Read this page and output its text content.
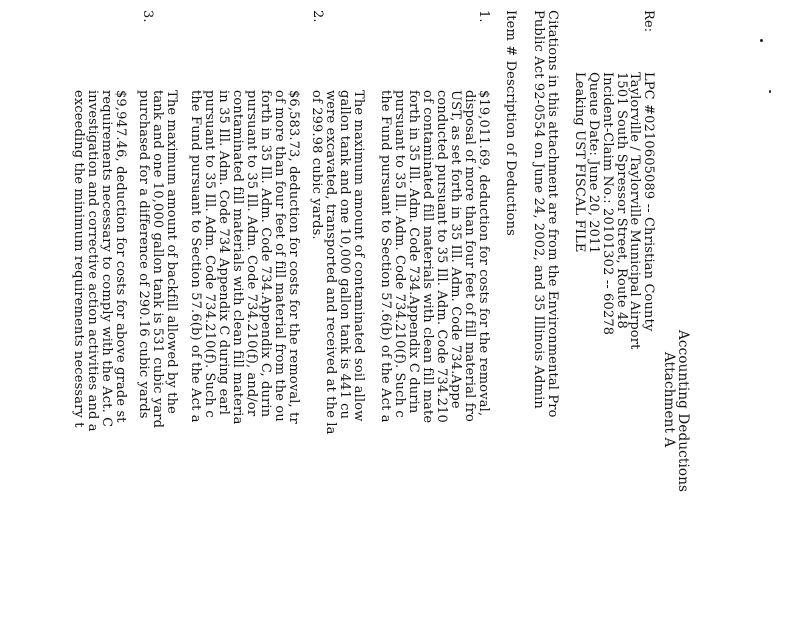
Attachment A
Accounting Deductions
Re:
LPC #0210605089 -- Christian County
Taylorville / Taylorville Municipal Airport
1501 South Spressor Street, Route 48
Incident-Claim No.: 20101302 -- 60278
Queue Date: June 20, 2011
Leaking UST FISCAL FILE
Citations in this attachment are from the Environmental Pro
Public Act 92-0554 on June 24, 2002, and 35 Illinois Admin
Item # Description of Deductions
1.
$19,011.69, deduction for costs for the removal,
disposal of more than four feet of fill material fro
UST, as set forth in 35 Ill. Adm. Code 734.Appe
conducted pursuant to 35 Ill. Adm. Code 734.210
of contaminated fill materials with clean fill mate
forth in 35 Ill. Adm. Code 734.Appendix C durin
pursuant to 35 Ill. Adm. Code 734.210(f). Such c
the Fund pursuant to Section 57.6(b) of the Act a
The maximum amount of contaminated soil allow
gallon tank and one 10,000 gallon tank is 441 cu
were excavated, transported and received at the la
of 299.98 cubic yards.
2.
$6,583.73, deduction for costs for the removal, tr
of more than four feet of fill material from the ou
forth in 35 Ill. Adm. Code 734.Appendix C, durin
pursuant to 35 Ill. Adm. Code 734.210(f), and/or
contaminated fill materials with clean fill materia
in 35 Ill. Adm. Code 734 Appendix C during earl
pursuant to 35 Ill. Adm. Code 734.210(f). Such c
the Fund pursuant to Section 57.6(b) of the Act a
The maximum amount of backfill allowed by the
tank and one 10,000 gallon tank is 531 cubic yard
purchased for a difference of 290.16 cubic yards
3.
$9,947.46, deduction for costs for above grade st
requirements necessary to comply with the Act. C
investigation and corrective action activities and a
exceeding the minimum requirements necessary t
